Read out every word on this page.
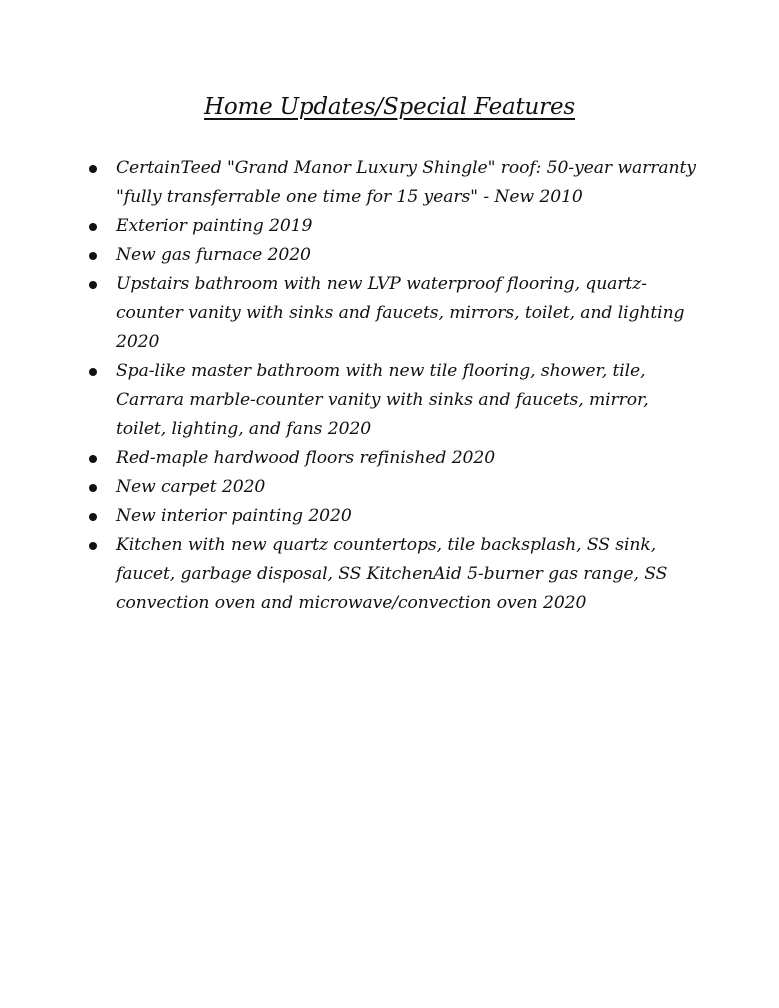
Home Updates/Special Features
CertainTeed "Grand Manor Luxury Shingle" roof: 50-year warranty "fully transferrable one time for 15 years" - New 2010
Exterior painting 2019
New gas furnace 2020
Upstairs bathroom with new LVP waterproof flooring, quartz-counter vanity with sinks and faucets, mirrors, toilet, and lighting 2020
Spa-like master bathroom with new tile flooring, shower, tile, Carrara marble-counter vanity with sinks and faucets, mirror, toilet, lighting, and fans 2020
Red-maple hardwood floors refinished 2020
New carpet 2020
New interior painting 2020
Kitchen with new quartz countertops, tile backsplash, SS sink, faucet, garbage disposal, SS KitchenAid 5-burner gas range, SS convection oven and microwave/convection oven 2020
